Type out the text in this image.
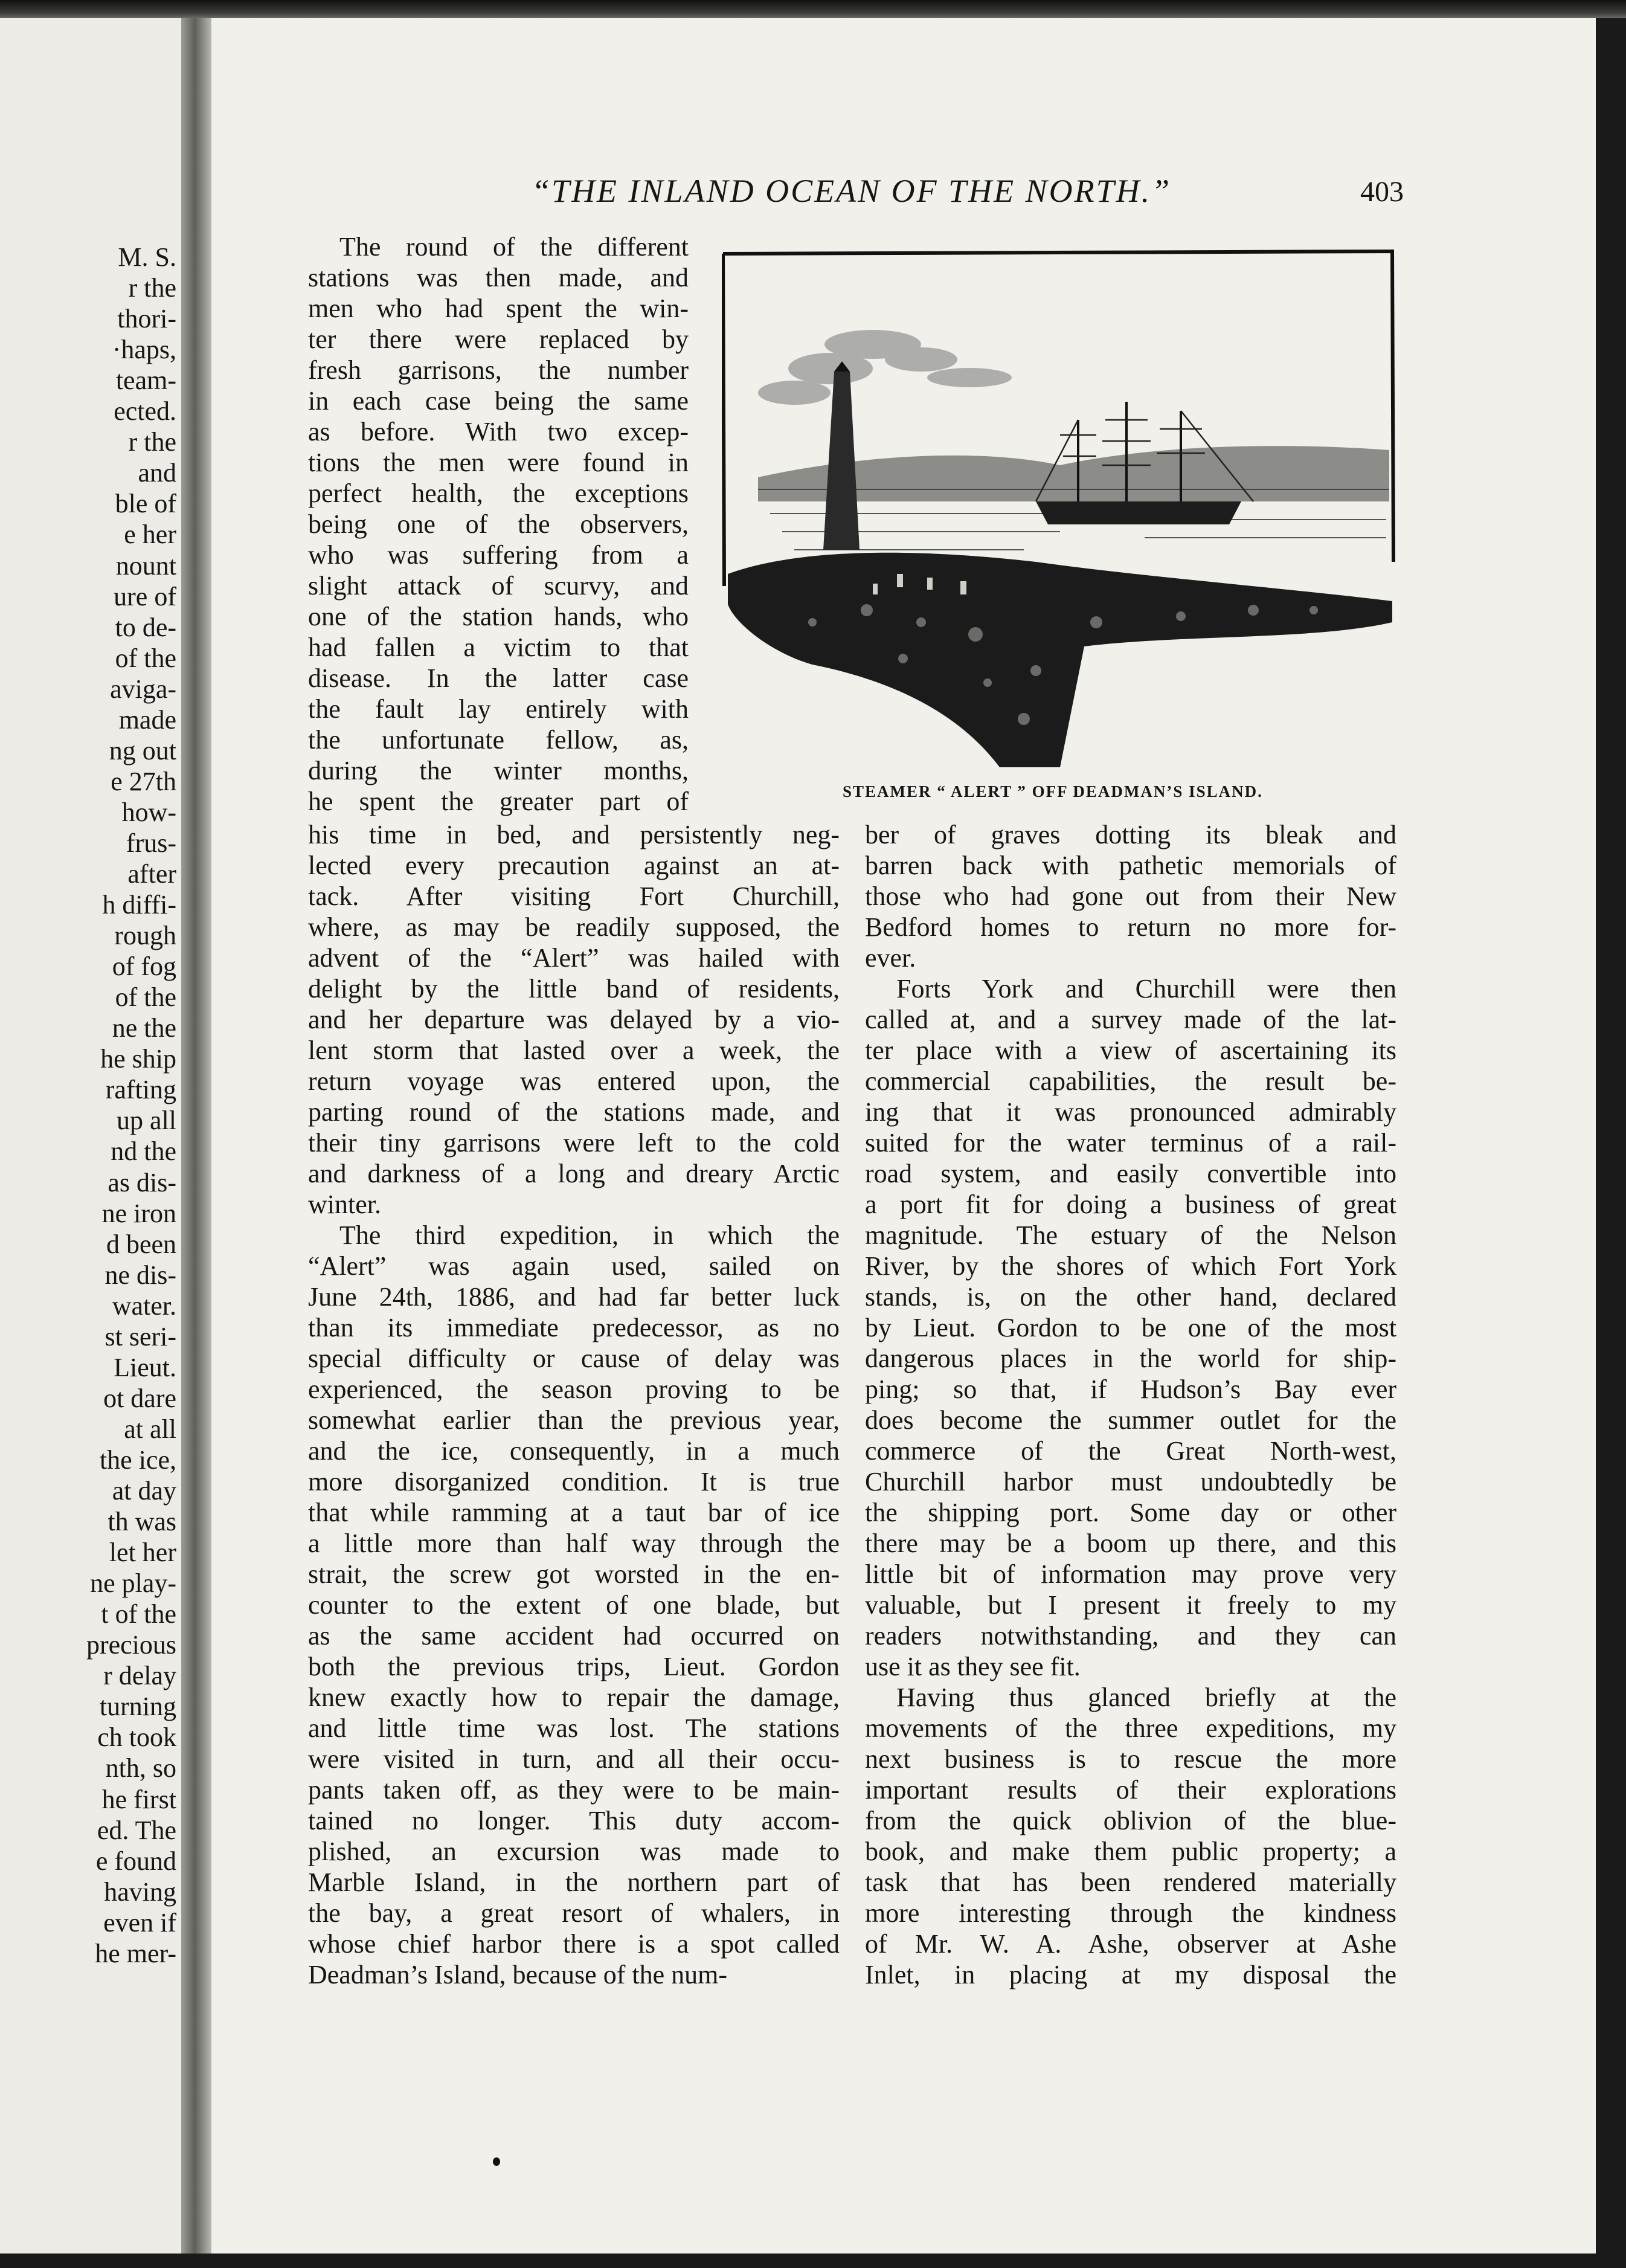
M. S.
r the
thori-
·haps,
team-
ected.
r the
and
ble of
e her
nount
ure of
to de-
of the
aviga-
made
ng out
e 27th
how-
frus-
after
h diffi-
rough
of fog
of the
ne the
he ship
rafting
up all
nd the
as dis-
ne iron
d been
ne dis-
water.
st seri-
Lieut.
ot dare
at all
the ice,
at day
th was
let her
ne play-
t of the
precious
r delay
turning
ch took
nth, so
he first
ed. The
e found
having
even if
he mer-
“THE INLAND OCEAN OF THE NORTH.”	403
STEAMER “ ALERT ” OFF DEADMAN’S ISLAND.
The round of the different
stations was then made, and
men who had spent the win-
ter there were replaced by
fresh garrisons, the number
in each case being the same
as before. With two excep-
tions the men were found in
perfect health, the exceptions
being one of the observers,
who was suffering from a
slight attack of scurvy, and
one of the station hands, who
had fallen a victim to that
disease. In the latter case
the fault lay entirely with
the unfortunate fellow, as,
during the winter months,
he spent the greater part of
his time in bed, and persistently neg-
lected every precaution against an at-
tack. After visiting Fort Churchill,
where, as may be readily supposed, the
advent of the “Alert” was hailed with
delight by the little band of residents,
and her departure was delayed by a vio-
lent storm that lasted over a week, the
return voyage was entered upon, the
parting round of the stations made, and
their tiny garrisons were left to the cold
and darkness of a long and dreary Arctic
winter.
The third expedition, in which the
“Alert” was again used, sailed on
June 24th, 1886, and had far better luck
than its immediate predecessor, as no
special difficulty or cause of delay was
experienced, the season proving to be
somewhat earlier than the previous year,
and the ice, consequently, in a much
more disorganized condition. It is true
that while ramming at a taut bar of ice
a little more than half way through the
strait, the screw got worsted in the en-
counter to the extent of one blade, but
as the same accident had occurred on
both the previous trips, Lieut. Gordon
knew exactly how to repair the damage,
and little time was lost. The stations
were visited in turn, and all their occu-
pants taken off, as they were to be main-
tained no longer. This duty accom-
plished, an excursion was made to
Marble Island, in the northern part of
the bay, a great resort of whalers, in
whose chief harbor there is a spot called
Deadman’s Island, because of the num-
ber of graves dotting its bleak and
barren back with pathetic memorials of
those who had gone out from their New
Bedford homes to return no more for-
ever.
Forts York and Churchill were then
called at, and a survey made of the lat-
ter place with a view of ascertaining its
commercial capabilities, the result be-
ing that it was pronounced admirably
suited for the water terminus of a rail-
road system, and easily convertible into
a port fit for doing a business of great
magnitude. The estuary of the Nelson
River, by the shores of which Fort York
stands, is, on the other hand, declared
by Lieut. Gordon to be one of the most
dangerous places in the world for ship-
ping; so that, if Hudson’s Bay ever
does become the summer outlet for the
commerce of the Great North-west,
Churchill harbor must undoubtedly be
the shipping port. Some day or other
there may be a boom up there, and this
little bit of information may prove very
valuable, but I present it freely to my
readers notwithstanding, and they can
use it as they see fit.
Having thus glanced briefly at the
movements of the three expeditions, my
next business is to rescue the more
important results of their explorations
from the quick oblivion of the blue-
book, and make them public property; a
task that has been rendered materially
more interesting through the kindness
of Mr. W. A. Ashe, observer at Ashe
Inlet, in placing at my disposal the
